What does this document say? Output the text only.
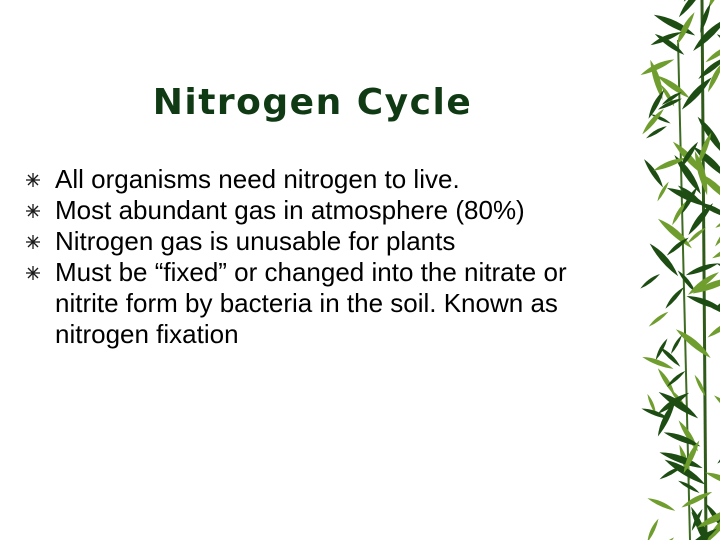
Nitrogen Cycle
All organisms need nitrogen to live.
Most abundant gas in atmosphere (80%)
Nitrogen gas is unusable for plants
Must be “fixed” or changed into the nitrate or nitrite form by bacteria in the soil. Known as nitrogen fixation
